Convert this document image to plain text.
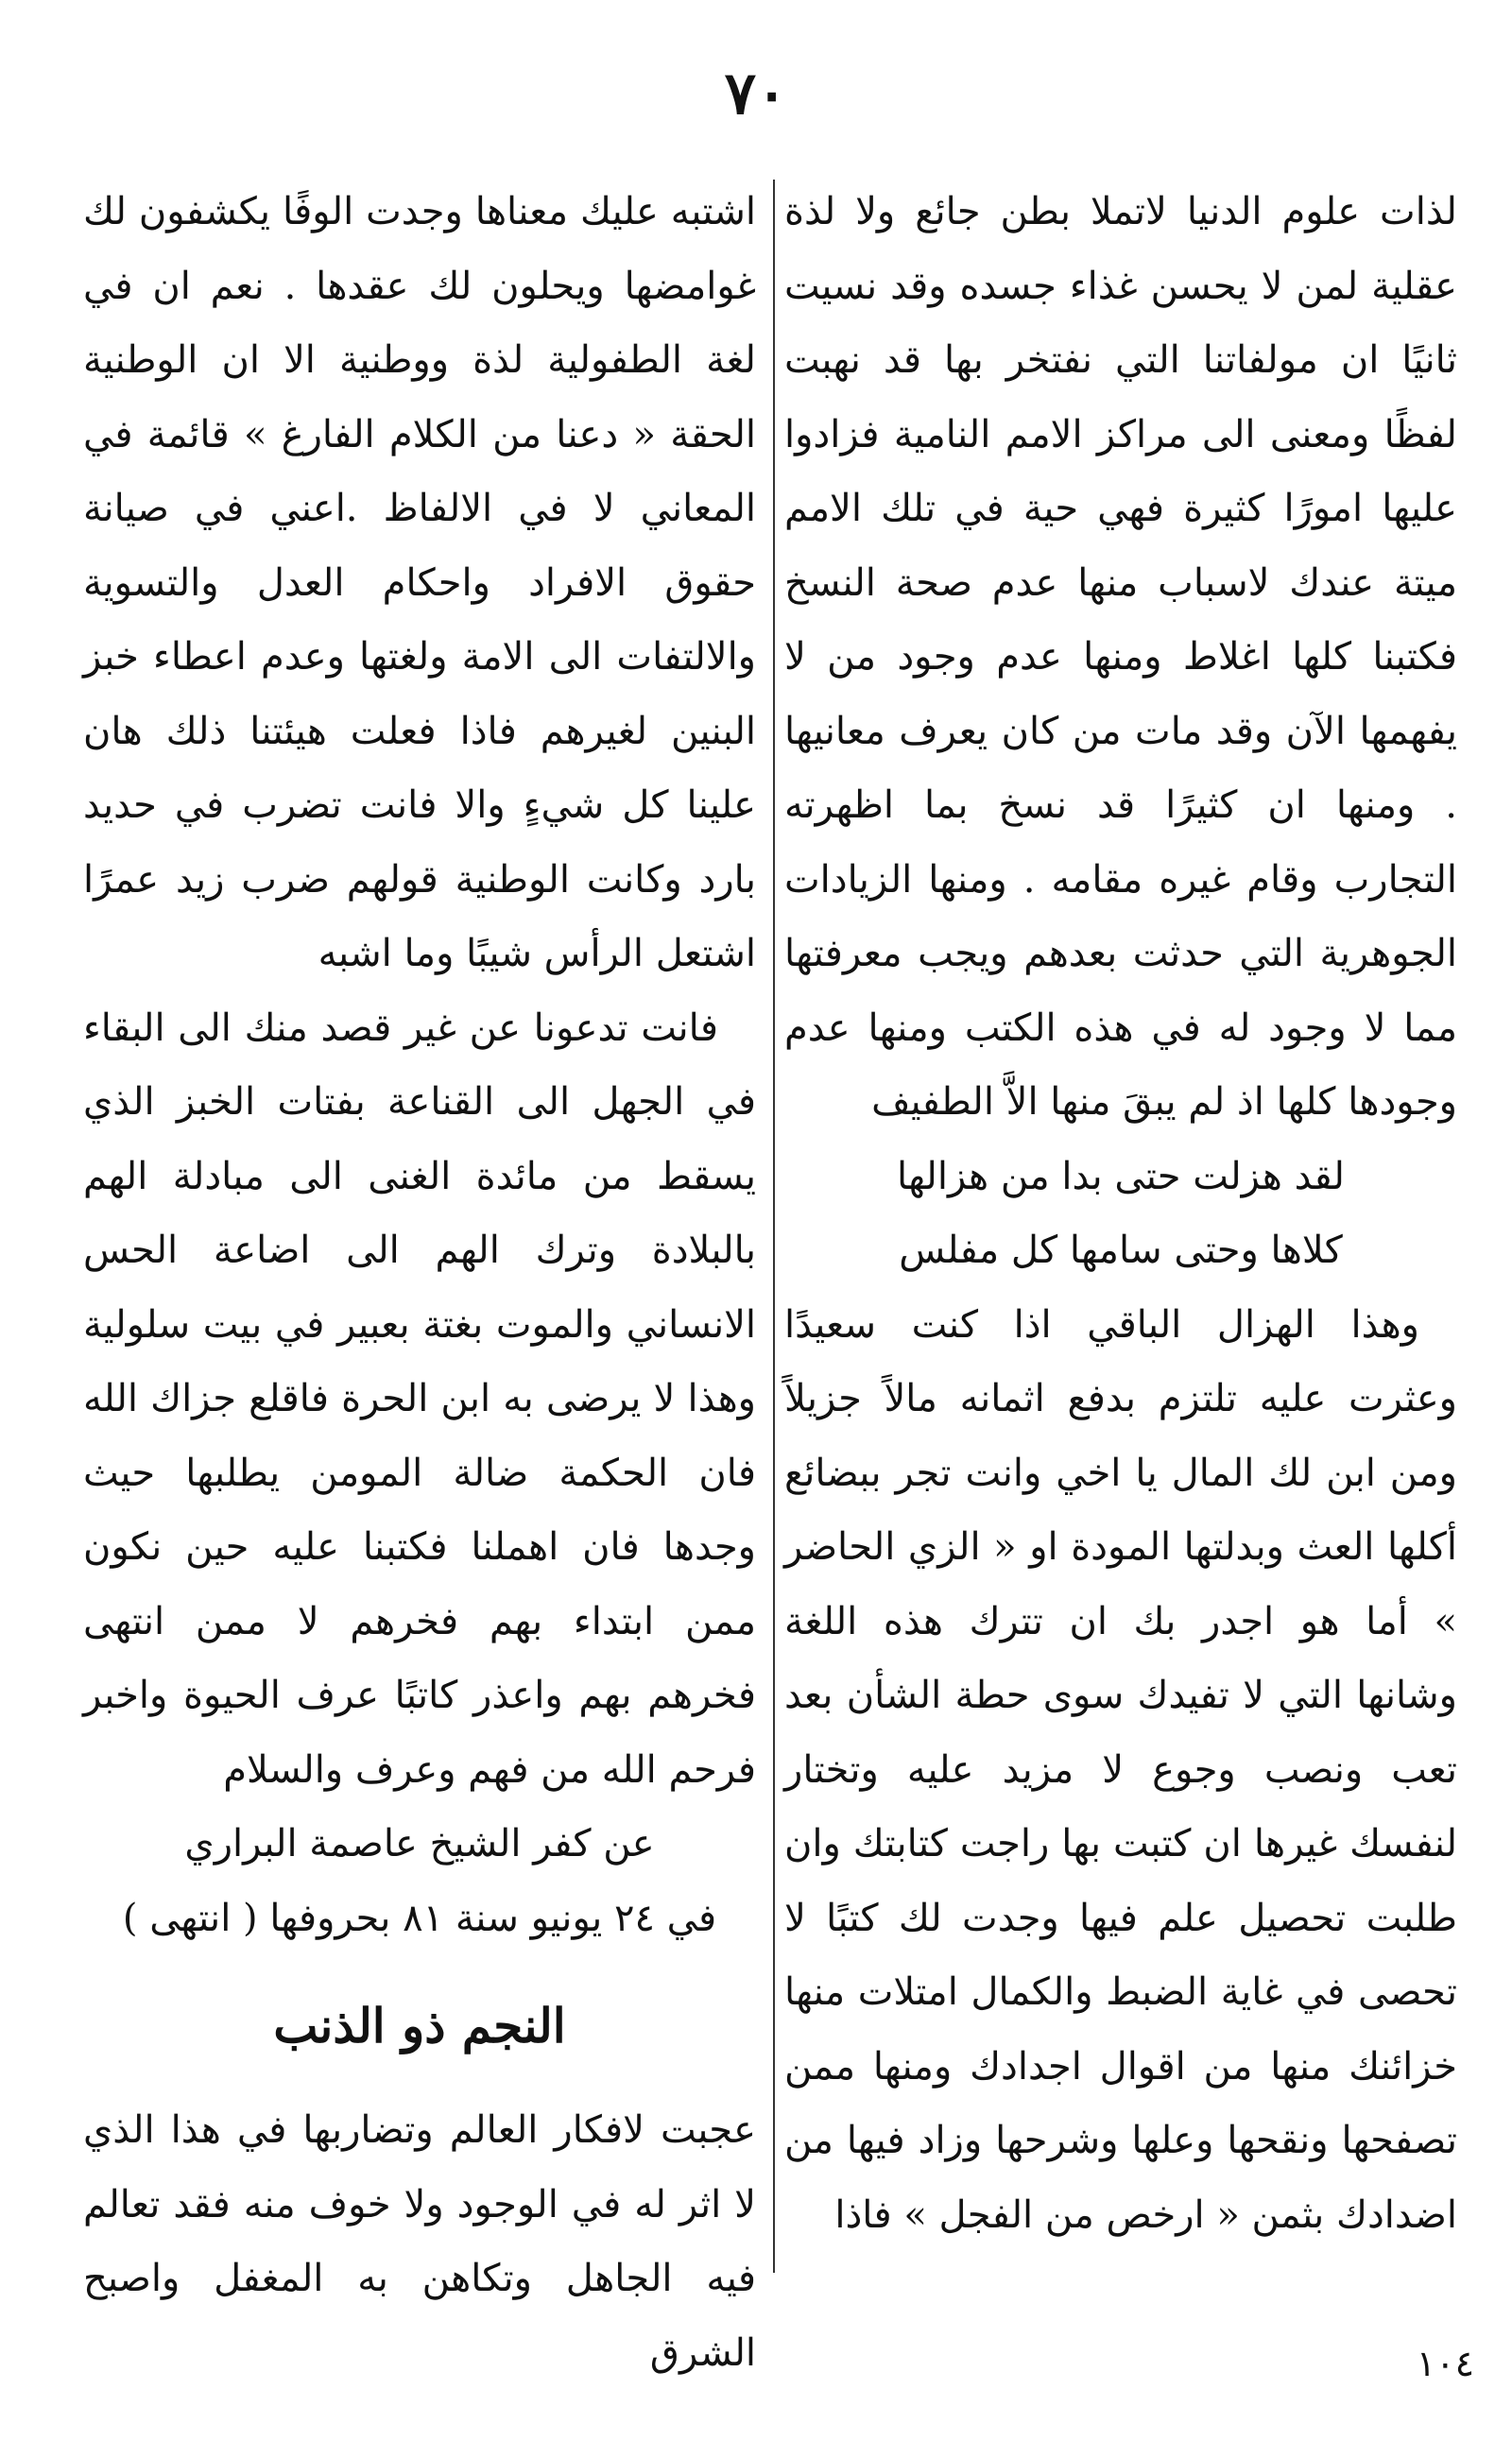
٧٠

لذات علوم الدنيا لاتملا بطن جائع ولا لذة عقلية لمن لا يحسن غذاء جسده وقد نسيت ثانيًا ان مولفاتنا التي نفتخر بها قد نهبت لفظًا ومعنى الى مراكز الامم النامية فزادوا عليها امورًا كثيرة فهي حية في تلك الامم ميتة عندك لاسباب منها عدم صحة النسخ فكتبنا كلها اغلاط ومنها عدم وجود من لا يفهمها الآن وقد مات من كان يعرف معانيها . ومنها ان كثيرًا قد نسخ بما اظهرته التجارب وقام غيره مقامه . ومنها الزيادات الجوهرية التي حدثت بعدهم ويجب معرفتها مما لا وجود له في هذه الكتب ومنها عدم وجودها كلها اذ لم يبقَ منها الاَّ الطفيف

لقد هزلت حتى بدا من هزالها

كلاها وحتى سامها كل مفلس

وهذا الهزال الباقي اذا كنت سعيدًا وعثرت عليه تلتزم بدفع اثمانه مالاً جزيلاً ومن ابن لك المال يا اخي وانت تجر ببضائع أكلها العث وبدلتها المودة او « الزي الحاضر » أما هو اجدر بك ان تترك هذه اللغة وشانها التي لا تفيدك سوى حطة الشأن بعد تعب ونصب وجوع لا مزيد عليه وتختار لنفسك غيرها ان كتبت بها راجت كتابتك وان طلبت تحصيل علم فيها وجدت لك كتبًا لا تحصى في غاية الضبط والكمال امتلات منها خزائنك منها من اقوال اجدادك ومنها ممن تصفحها ونقحها وعلها وشرحها وزاد فيها من اضدادك بثمن « ارخص من الفجل » فاذا

اشتبه عليك معناها وجدت الوفًا يكشفون لك غوامضها ويحلون لك عقدها . نعم ان في لغة الطفولية لذة ووطنية الا ان الوطنية الحقة « دعنا من الكلام الفارغ » قائمة في المعاني لا في الالفاظ .اعني في صيانة حقوق الافراد واحكام العدل والتسوية والالتفات الى الامة ولغتها وعدم اعطاء خبز البنين لغيرهم فاذا فعلت هيئتنا ذلك هان علينا كل شيءٍ والا فانت تضرب في حديد بارد وكانت الوطنية قولهم ضرب زيد عمرًا اشتعل الرأس شيبًا وما اشبه

فانت تدعونا عن غير قصد منك الى البقاء في الجهل الى القناعة بفتات الخبز الذي يسقط من مائدة الغنى الى مبادلة الهم بالبلادة وترك الهم الى اضاعة الحس الانساني والموت بغتة بعبير في بيت سلولية وهذا لا يرضى به ابن الحرة فاقلع جزاك الله فان الحكمة ضالة المومن يطلبها حيث وجدها فان اهملنا فكتبنا عليه حين نكون ممن ابتداء بهم فخرهم لا ممن انتهى فخرهم بهم واعذر كاتبًا عرف الحيوة واخبر فرحم الله من فهم وعرف والسلام

عن كفر الشيخ عاصمة البراري

في ٢٤ يونيو سنة ٨١ بحروفها ( انتهى )

النجم ذو الذنب

عجبت لافكار العالم وتضاربها في هذا الذي لا اثر له في الوجود ولا خوف منه فقد تعالم فيه الجاهل وتكاهن به المغفل واصبح الشرق	١٠٤
